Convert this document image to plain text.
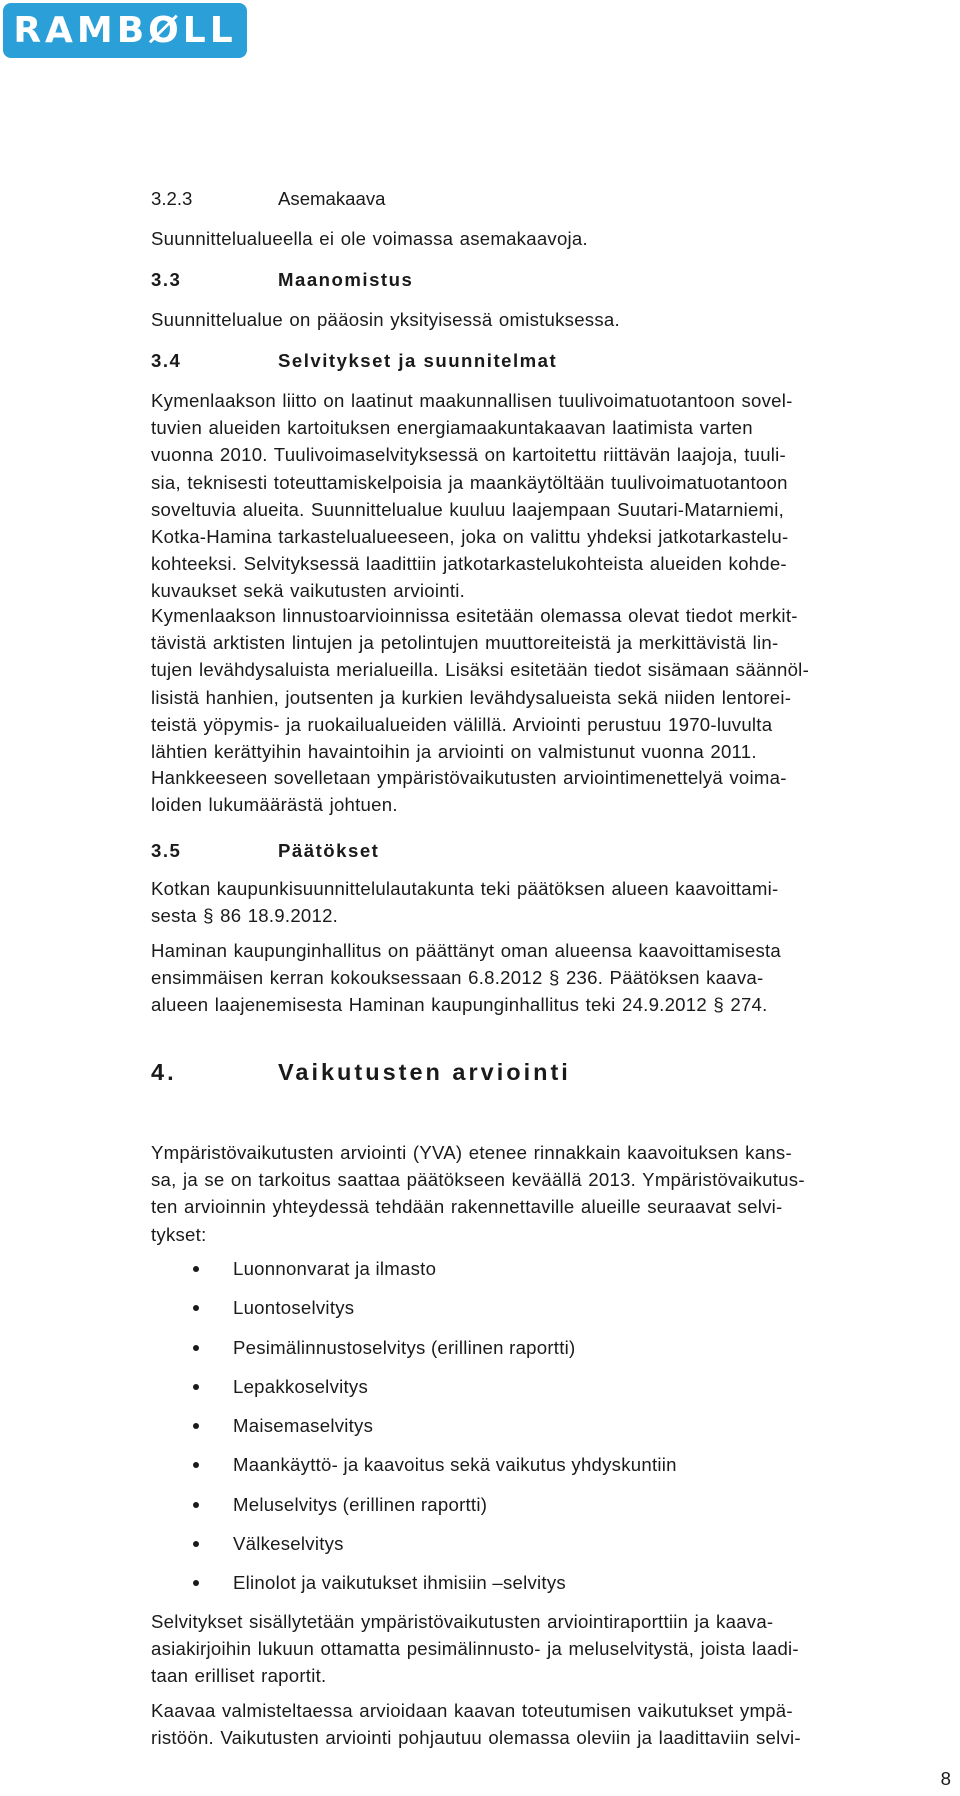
RAMBØLL
3.2.3	Asemakaava
Suunnittelualueella ei ole voimassa asemakaavoja.
3.3	Maanomistus
Suunnittelualue on pääosin yksityisessä omistuksessa.
3.4	Selvitykset ja suunnitelmat
Kymenlaakson liitto on laatinut maakunnallisen tuulivoimatuotantoon sovel-
tuvien alueiden kartoituksen energiamaakuntakaavan laatimista varten
vuonna 2010. Tuulivoimaselvityksessä on kartoitettu riittävän laajoja, tuuli-
sia, teknisesti toteuttamiskelpoisia ja maankäytöltään tuulivoimatuotantoon
soveltuvia alueita. Suunnittelualue kuuluu laajempaan Suutari-Matarniemi,
Kotka-Hamina tarkastelualueeseen, joka on valittu yhdeksi jatkotarkastelu-
kohteeksi. Selvityksessä laadittiin jatkotarkastelukohteista alueiden kohde-
kuvaukset sekä vaikutusten arviointi.
Kymenlaakson linnustoarvioinnissa esitetään olemassa olevat tiedot merkit-
tävistä arktisten lintujen ja petolintujen muuttoreiteistä ja merkittävistä lin-
tujen levähdysaluista merialueilla. Lisäksi esitetään tiedot sisämaan säännöl-
lisistä hanhien, joutsenten ja kurkien levähdysalueista sekä niiden lentorei-
teistä yöpymis- ja ruokailualueiden välillä. Arviointi perustuu 1970-luvulta
lähtien kerättyihin havaintoihin ja arviointi on valmistunut vuonna 2011.
Hankkeeseen sovelletaan ympäristövaikutusten arviointimenettelyä voima-
loiden lukumäärästä johtuen.
3.5	Päätökset
Kotkan kaupunkisuunnittelulautakunta teki päätöksen alueen kaavoittami-
sesta § 86 18.9.2012.
Haminan kaupunginhallitus on päättänyt oman alueensa kaavoittamisesta
ensimmäisen kerran kokouksessaan 6.8.2012 § 236. Päätöksen kaava-
alueen laajenemisesta Haminan kaupunginhallitus teki 24.9.2012 § 274.
4.	Vaikutusten arviointi
Ympäristövaikutusten arviointi (YVA) etenee rinnakkain kaavoituksen kans-
sa, ja se on tarkoitus saattaa päätökseen keväällä 2013. Ympäristövaikutus-
ten arvioinnin yhteydessä tehdään rakennettaville alueille seuraavat selvi-
tykset:
Luonnonvarat ja ilmasto
Luontoselvitys
Pesimälinnustoselvitys (erillinen raportti)
Lepakkoselvitys
Maisemaselvitys
Maankäyttö- ja kaavoitus sekä vaikutus yhdyskuntiin
Meluselvitys (erillinen raportti)
Välkeselvitys
Elinolot ja vaikutukset ihmisiin –selvitys
Selvitykset sisällytetään ympäristövaikutusten arviointiraporttiin ja kaava-
asiakirjoihin lukuun ottamatta pesimälinnusto- ja meluselvitystä, joista laadi-
taan erilliset raportit.
Kaavaa valmisteltaessa arvioidaan kaavan toteutumisen vaikutukset ympä-
ristöön. Vaikutusten arviointi pohjautuu olemassa oleviin ja laadittaviin selvi-
8
